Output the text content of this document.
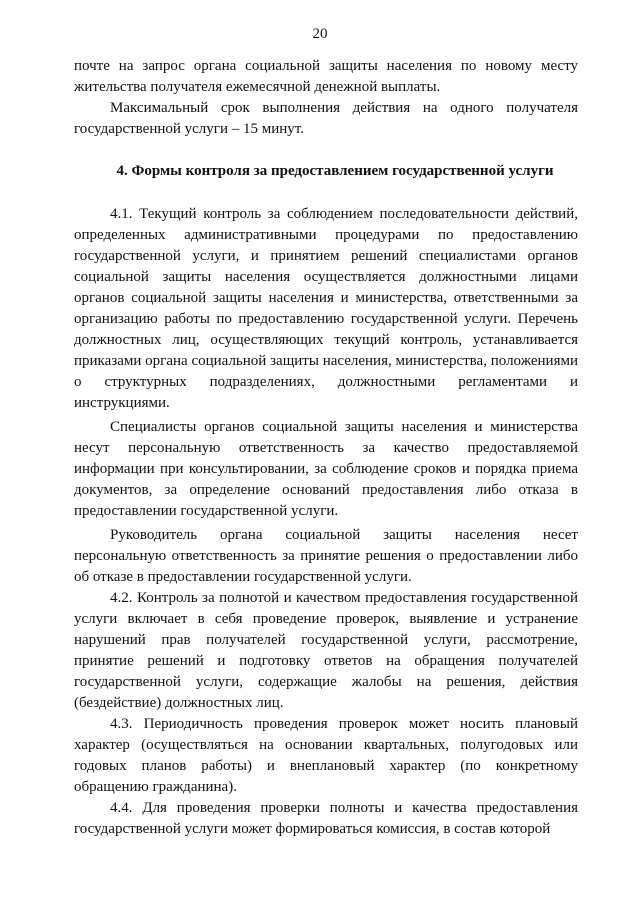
20

почте на запрос органа социальной защиты населения по новому месту жительства получателя ежемесячной денежной выплаты.

Максимальный срок выполнения действия на одного получателя государственной услуги – 15 минут.

4. Формы контроля за предоставлением государственной услуги

4.1. Текущий контроль за соблюдением последовательности действий, определенных административными процедурами по предоставлению государственной услуги, и принятием решений специалистами органов социальной защиты населения осуществляется должностными лицами органов социальной защиты населения и министерства, ответственными за организацию работы по предоставлению государственной услуги. Перечень должностных лиц, осуществляющих текущий контроль, устанавливается приказами органа социальной защиты населения, министерства, положениями о структурных подразделениях, должностными регламентами и инструкциями.

Специалисты органов социальной защиты населения и министерства несут персональную ответственность за качество предоставляемой информации при консультировании, за соблюдение сроков и порядка приема документов, за определение оснований предоставления либо отказа в предоставлении государственной услуги.

Руководитель органа социальной защиты населения несет персональную ответственность за принятие решения о предоставлении либо об отказе в предоставлении государственной услуги.

4.2. Контроль за полнотой и качеством предоставления государственной услуги включает в себя проведение проверок, выявление и устранение нарушений прав получателей государственной услуги, рассмотрение, принятие решений и подготовку ответов на обращения получателей государственной услуги, содержащие жалобы на решения, действия (бездействие) должностных лиц.

4.3. Периодичность проведения проверок может носить плановый характер (осуществляться на основании квартальных, полугодовых или годовых планов работы) и внеплановый характер (по конкретному обращению гражданина).

4.4. Для проведения проверки полноты и качества предоставления государственной услуги может формироваться комиссия, в состав которой
